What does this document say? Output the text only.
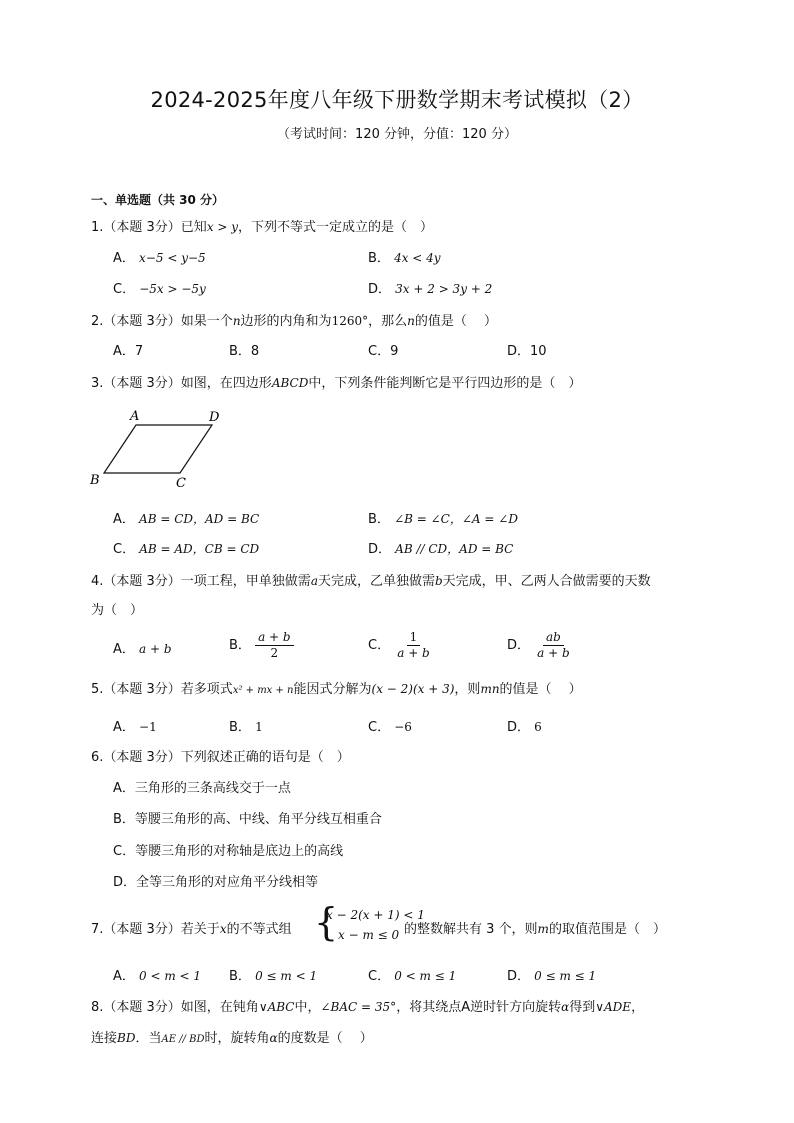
2024-2025年度八年级下册数学期末考试模拟（2）
（考试时间：120 分钟，分值：120 分）
一、单选题（共 30 分）
1.（本题 3分）已知x > y，下列不等式一定成立的是（　）
A． x−5 < y−5	B． 4x < 4y
C． −5x > −5y	D． 3x + 2 > 3y + 2
2.（本题 3分）如果一个n边形的内角和为1260°，那么n的值是（　 ）
A．7	B．8	C．9	D．10
3.（本题 3分）如图，在四边形ABCD中，下列条件能判断它是平行四边形的是（　）
A	D
B	C
A． AB = CD，AD = BC	B． ∠B = ∠C，∠A = ∠D
C． AB = AD，CB = CD	D． AB // CD，AD = BC
4.（本题 3分）一项工程，甲单独做需a天完成，乙单独做需b天完成，甲、乙两人合做需要的天数
为（　）
A． a + b	B． $\frac{a + b}{2}$	C． $\frac{1}{a + b}$	D． $\frac{ab}{a + b}$
5.（本题 3分）若多项式x² + mx + n能因式分解为(x − 2)(x + 3)，则mn的值是（　 ）
A． −1	B． 1	C． −6	D． 6
6.（本题 3分）下列叙述正确的语句是（　）
A．三角形的三条高线交于一点
B．等腰三角形的高、中线、角平分线互相重合
C．等腰三角形的对称轴是底边上的高线
D．全等三角形的对应角平分线相等
7.（本题 3分）若关于x的不等式组 {
x − 2(x + 1) < 1
x − m ≤ 0 的整数解共有 3 个，则m的取值范围是（　）
A． 0 < m < 1 B． 0 ≤ m < 1	C． 0 < m ≤ 1	D． 0 ≤ m ≤ 1
8.（本题 3分）如图，在钝角∨ABC中，∠BAC = 35°，将其绕点A逆时针方向旋转α得到∨ADE，
连接BD．当AE // BD时，旋转角α的度数是（　 ）
